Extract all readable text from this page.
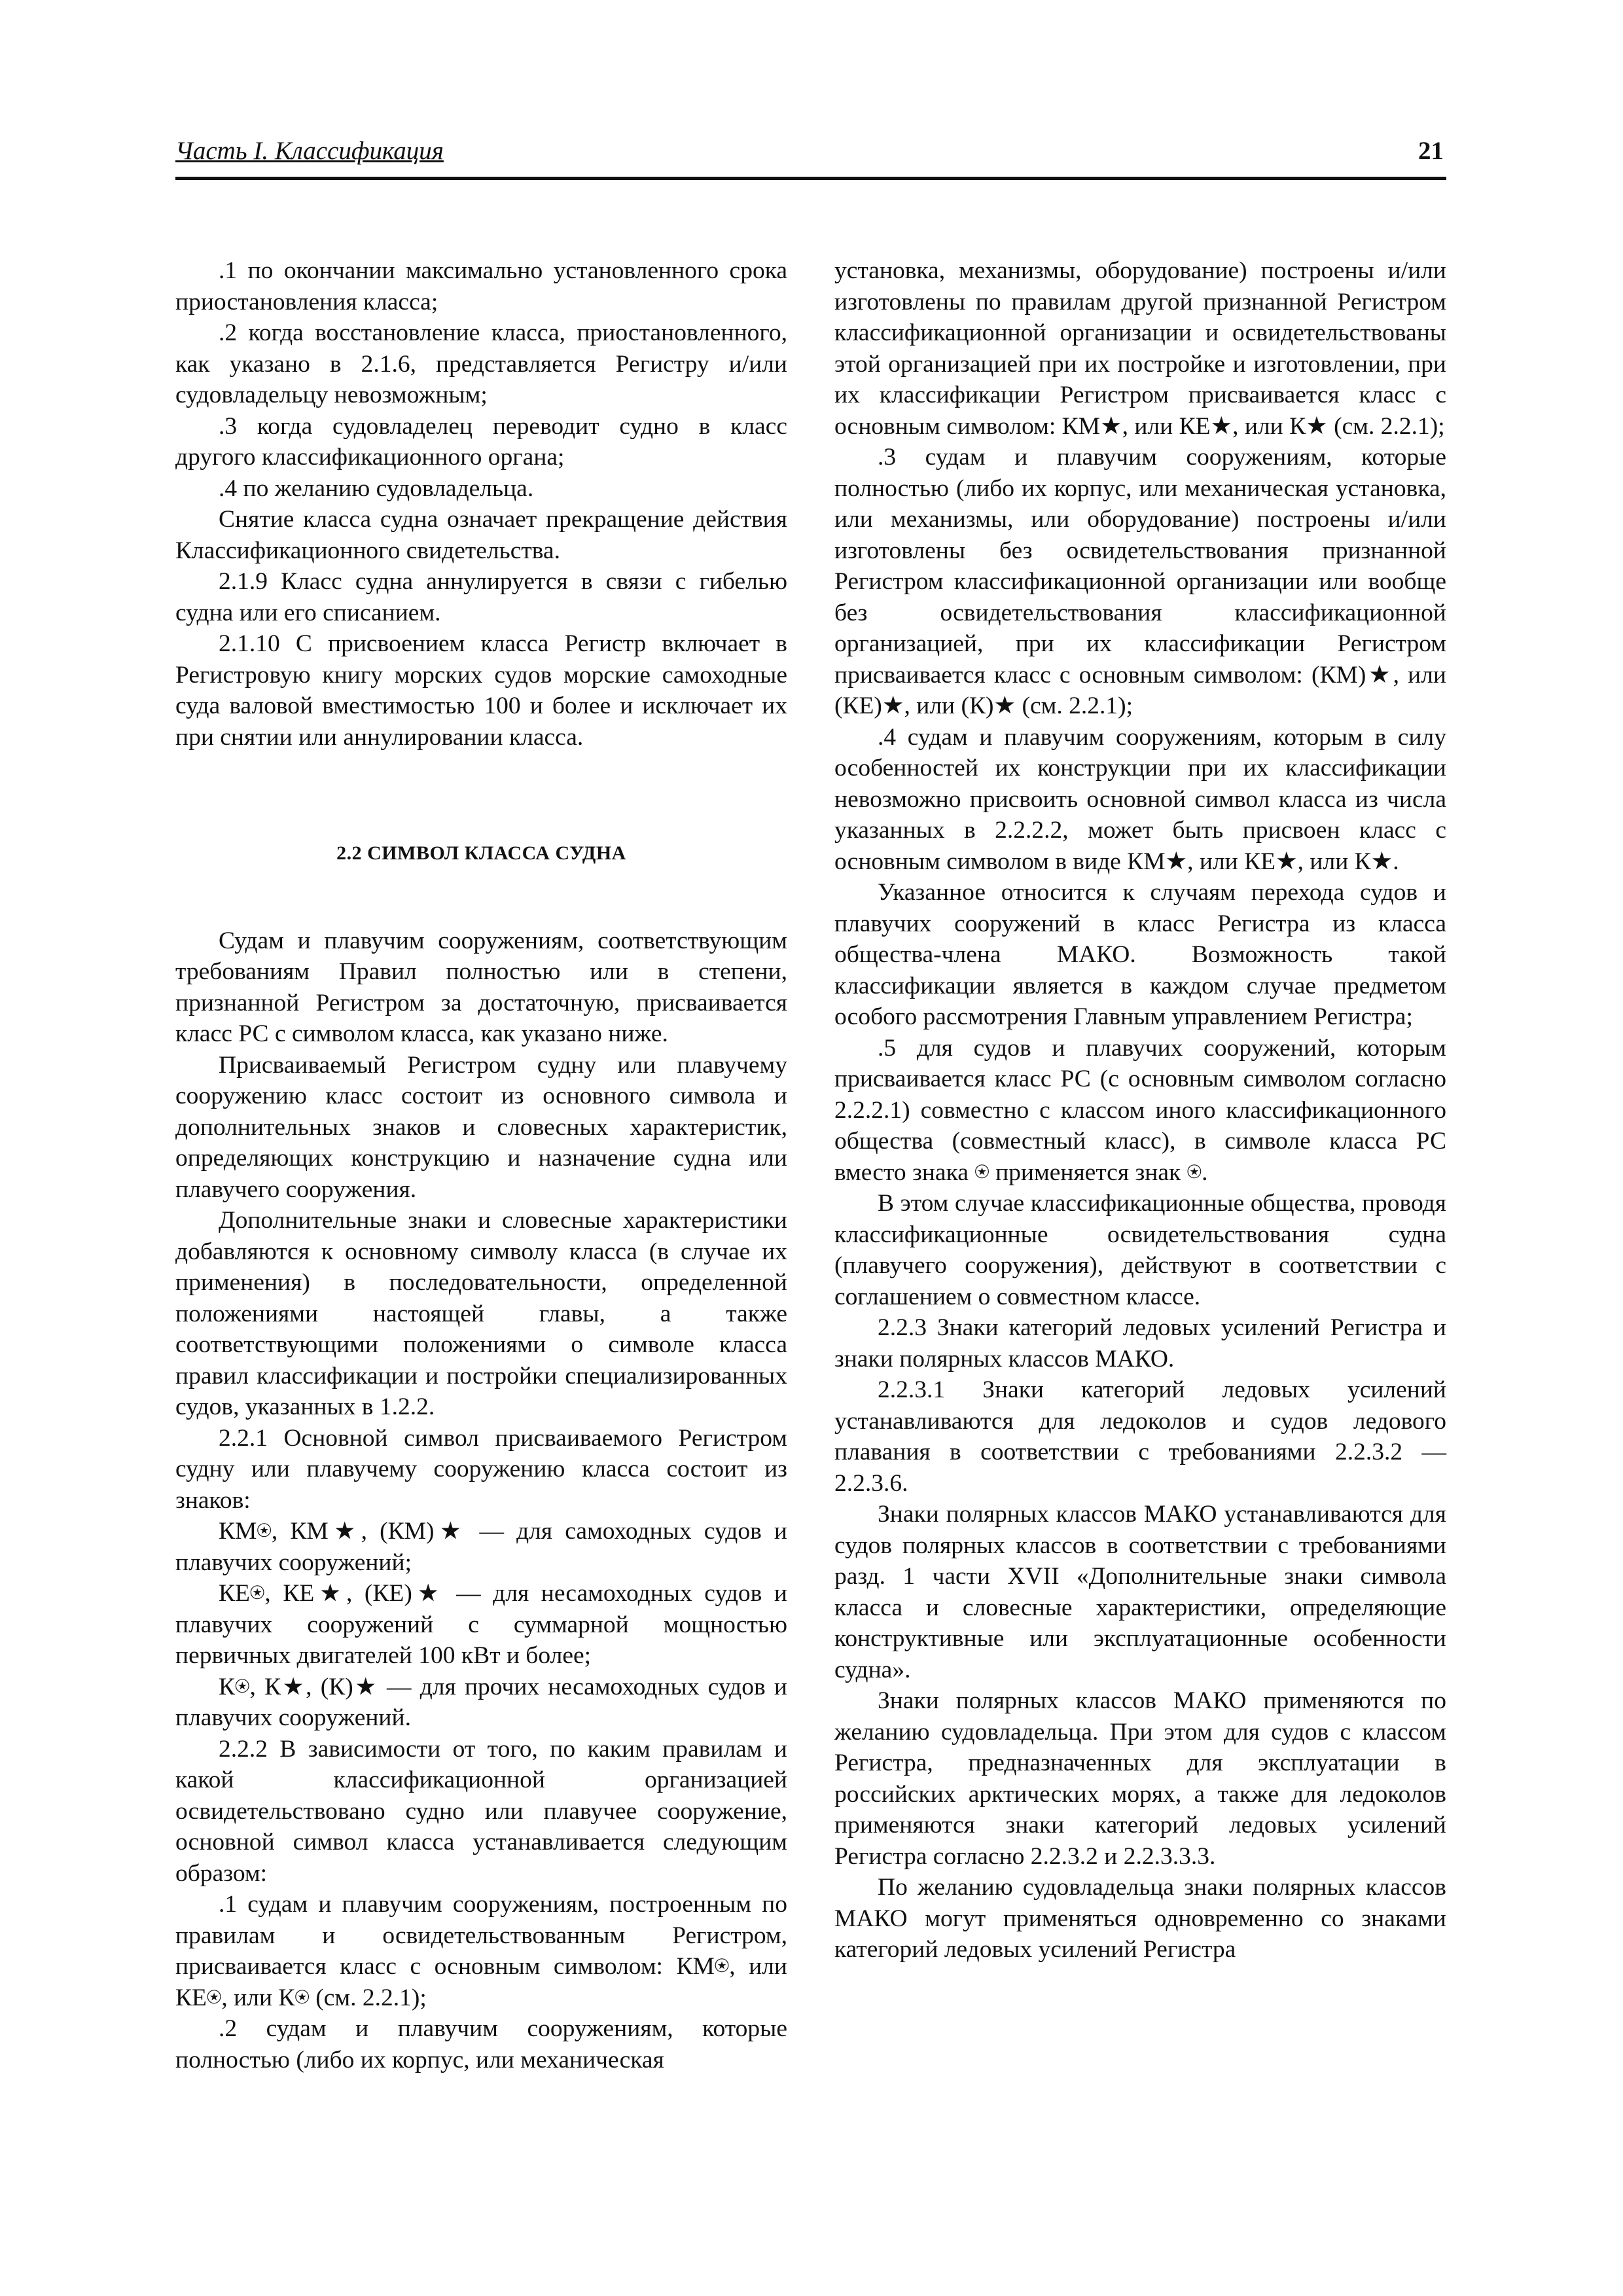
Часть I. Классификация	21

.1 по окончании максимально установленного срока приостановления класса;

.2 когда восстановление класса, приостановленного, как указано в 2.1.6, представляется Регистру и/или судовладельцу невозможным;

.3 когда судовладелец переводит судно в класс другого классификационного органа;

.4 по желанию судовладельца.

Снятие класса судна означает прекращение действия Классификационного свидетельства.

2.1.9 Класс судна аннулируется в связи с гибелью судна или его списанием.

2.1.10 С присвоением класса Регистр включает в Регистровую книгу морских судов морские самоходные суда валовой вместимостью 100 и более и исключает их при снятии или аннулировании класса.

2.2 СИМВОЛ КЛАССА СУДНА

Судам и плавучим сооружениям, соответствующим требованиям Правил полностью или в степени, признанной Регистром за достаточную, присваивается класс РС с символом класса, как указано ниже.

Присваиваемый Регистром судну или плавучему сооружению класс состоит из основного символа и дополнительных знаков и словесных характеристик, определяющих конструкцию и назначение судна или плавучего сооружения.

Дополнительные знаки и словесные характеристики добавляются к основному символу класса (в случае их применения) в последовательности, определенной положениями настоящей главы, а также соответствующими положениями о символе класса правил классификации и постройки специализированных судов, указанных в 1.2.2.

2.2.1 Основной символ присваиваемого Регистром судну или плавучему сооружению класса состоит из знаков:

КМ⍟, КМ★, (КМ)★ — для самоходных судов и плавучих сооружений;

КЕ⍟, КЕ★, (КЕ)★ — для несамоходных судов и плавучих сооружений с суммарной мощностью первичных двигателей 100 кВт и более;

К⍟, К★, (К)★ — для прочих несамоходных судов и плавучих сооружений.

2.2.2 В зависимости от того, по каким правилам и какой классификационной организацией освидетельствовано судно или плавучее сооружение, основной символ класса устанавливается следующим образом:

.1 судам и плавучим сооружениям, построенным по правилам и освидетельствованным Регистром, присваивается класс с основным символом: КМ⍟, или КЕ⍟, или К⍟ (см. 2.2.1);

.2 судам и плавучим сооружениям, которые полностью (либо их корпус, или механическая

установка, механизмы, оборудование) построены и/или изготовлены по правилам другой признанной Регистром классификационной организации и освидетельствованы этой организацией при их постройке и изготовлении, при их классификации Регистром присваивается класс с основным символом: КМ★, или КЕ★, или К★ (см. 2.2.1);

.3 судам и плавучим сооружениям, которые полностью (либо их корпус, или механическая установка, или механизмы, или оборудование) построены и/или изготовлены без освидетельствования признанной Регистром классификационной организации или вообще без освидетельствования классификационной организацией, при их классификации Регистром присваивается класс с основным символом: (КМ)★, или (КЕ)★, или (К)★ (см. 2.2.1);

.4 судам и плавучим сооружениям, которым в силу особенностей их конструкции при их классификации невозможно присвоить основной символ класса из числа указанных в 2.2.2.2, может быть присвоен класс с основным символом в виде КМ★, или КЕ★, или К★.

Указанное относится к случаям перехода судов и плавучих сооружений в класс Регистра из класса общества-члена МАКО. Возможность такой классификации является в каждом случае предметом особого рассмотрения Главным управлением Регистра;

.5 для судов и плавучих сооружений, которым присваивается класс РС (с основным символом согласно 2.2.2.1) совместно с классом иного классификационного общества (совместный класс), в символе класса РС вместо знака ⍟ применяется знак ⍟.

В этом случае классификационные общества, проводя классификационные освидетельствования судна (плавучего сооружения), действуют в соответствии с соглашением о совместном классе.

2.2.3 Знаки категорий ледовых усилений Регистра и знаки полярных классов МАКО.

2.2.3.1 Знаки категорий ледовых усилений устанавливаются для ледоколов и судов ледового плавания в соответствии с требованиями 2.2.3.2 — 2.2.3.6.

Знаки полярных классов МАКО устанавливаются для судов полярных классов в соответствии с требованиями разд. 1 части XVII «Дополнительные знаки символа класса и словесные характеристики, определяющие конструктивные или эксплуатационные особенности судна».

Знаки полярных классов МАКО применяются по желанию судовладельца. При этом для судов с классом Регистра, предназначенных для эксплуатации в российских арктических морях, а также для ледоколов применяются знаки категорий ледовых усилений Регистра согласно 2.2.3.2 и 2.2.3.3.3.

По желанию судовладельца знаки полярных классов МАКО могут применяться одновременно со знаками категорий ледовых усилений Регистра
